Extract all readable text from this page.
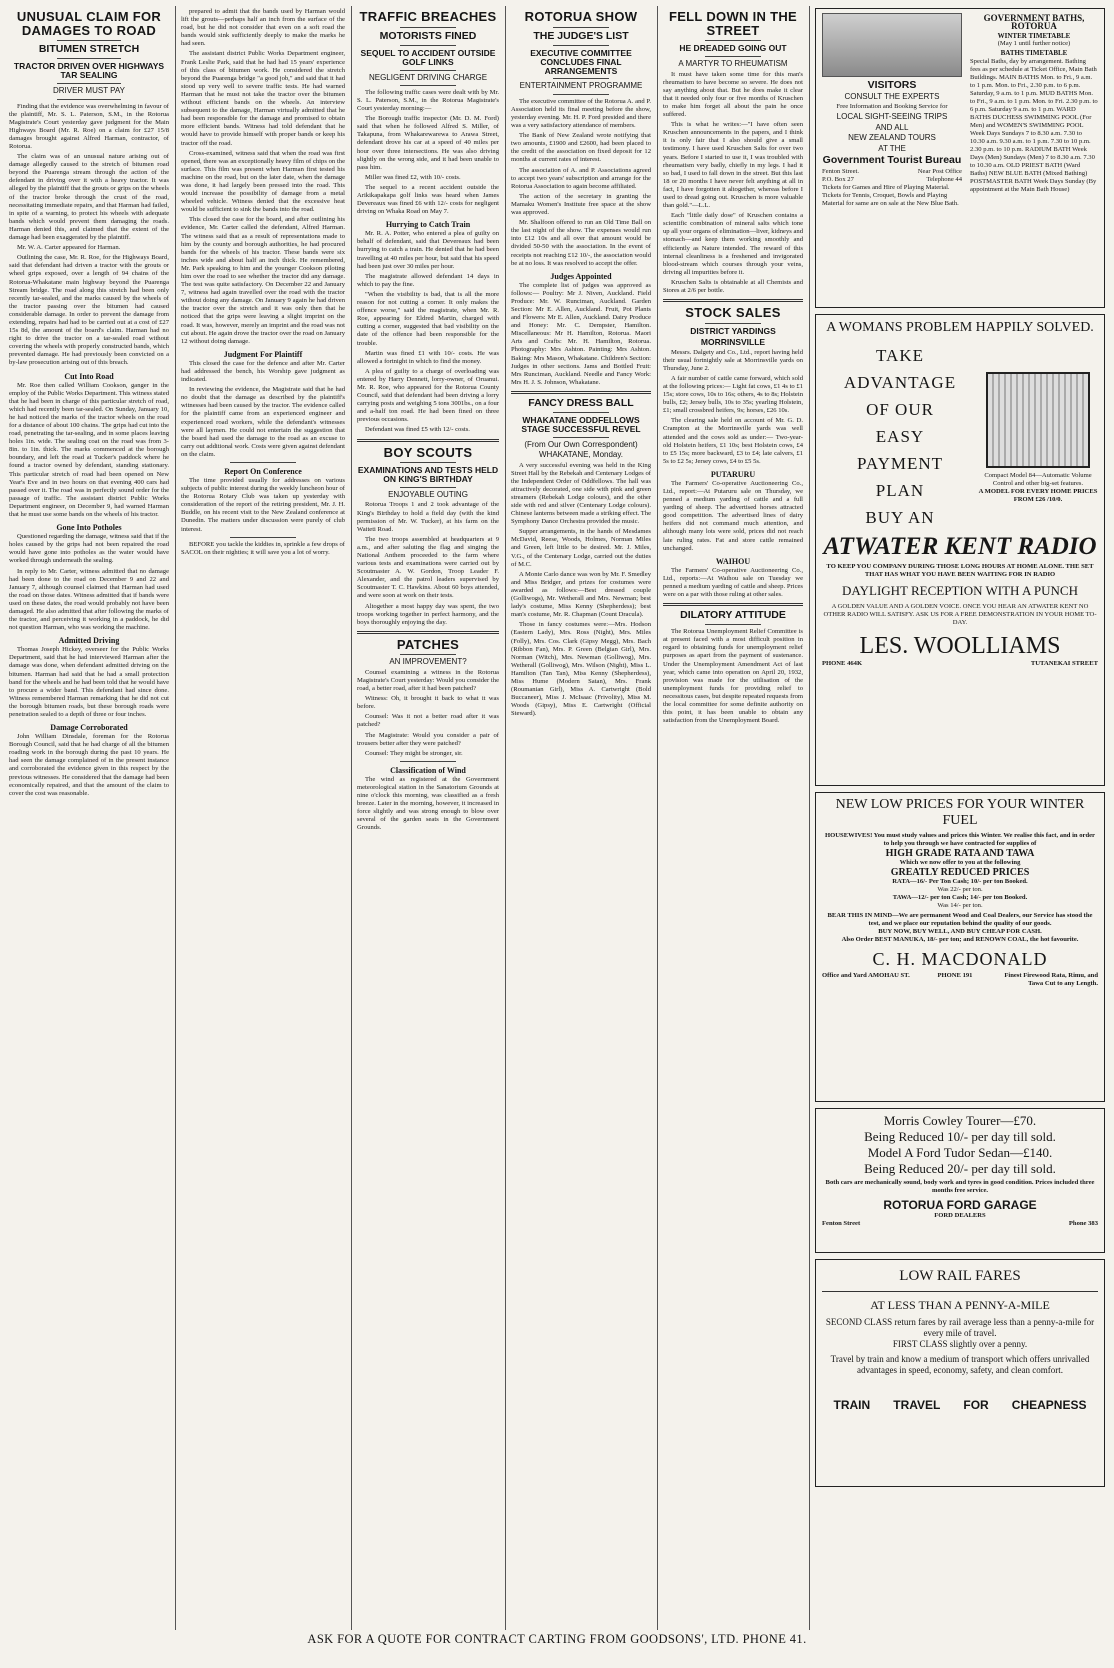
UNUSUAL CLAIM FOR DAMAGES TO ROAD
BITUMEN STRETCH
TRACTOR DRIVEN OVER HIGHWAYS TAR SEALING
DRIVER MUST PAY

Finding that the evidence was overwhelming in favour of the plaintiff, Mr. S. L. Paterson, S.M., in the Rotorua Magistrate's Court yesterday gave judgment for the Main Highways Board (Mr. R. Roe) on a claim for £27 15/8 damages brought against Alfred Harman, contractor, of Rotorua.

The claim was of an unusual nature arising out of damage allegedly caused to the stretch of bitumen road beyond the Puarenga stream through the action of the defendant in driving over it with a heavy tractor. It was alleged by the plaintiff that the grouts or grips on the wheels of the tractor broke through the crust of the road, necessitating immediate repairs, and that Harman had failed, in spite of a warning, to protect his wheels with adequate bands which would prevent them damaging the roads. Harman denied this, and claimed that the extent of the damage had been exaggerated by the plaintiff.

Mr. W. A. Carter appeared for Harman.

Outlining the case, Mr. R. Roe, for the Highways Board, said that defendant had driven a tractor with the grouts or wheel grips exposed, over a length of 94 chains of the Rotorua-Whakatane main highway beyond the Puarenga Stream bridge. The road along this stretch had been only recently tar-sealed, and the marks caused by the wheels of the tractor passing over the bitumen had caused considerable damage. In order to prevent the damage from extending, repairs had had to be carried out at a cost of £27 15s 8d, the amount of the board's claim. Harman had no right to drive the tractor on a tar-sealed road without covering the wheels with properly constructed bands, which prevented damage. He had previously been convicted on a by-law prosecution arising out of this breach.

Cut Into Road

Mr. Roe then called William Cookson, ganger in the employ of the Public Works Department. This witness stated that he had been in charge of this particular stretch of road, which had recently been tar-sealed. On Sunday, January 10, he had noticed the marks of the tractor wheels on the road for a distance of about 100 chains. The grips had cut into the road, penetrating the tar-sealing, and in some places leaving holes 1in. wide. The sealing coat on the road was from 3-8in. to 1in. thick. The marks commenced at the borough boundary, and left the road at Tucker's paddock where he found a tractor owned by defendant, standing stationary. This particular stretch of road had been opened on New Year's Eve and in two hours on that evening 400 cars had passed over it. The road was in perfectly sound order for the passage of traffic. The assistant district Public Works Department engineer, on December 9, had warned Harman that he must use some bands on the wheels of his tractor.

Gone Into Potholes

Questioned regarding the damage, witness said that if the holes caused by the grips had not been repaired the road would have gone into potholes as the water would have worked through underneath the sealing.

In reply to Mr. Carter, witness admitted that no damage had been done to the road on December 9 and 22 and January 7, although counsel claimed that Harman had used the road on those dates. Witness admitted that if bands were used on these dates, the road would probably not have been damaged. He also admitted that after following the marks of the tractor, and perceiving it working in a paddock, he did not question Harman, who was working the machine.

Admitted Driving

Thomas Joseph Hickey, overseer for the Public Works Department, said that he had interviewed Harman after the damage was done, when defendant admitted driving on the bitumen. Harman had said that he had a small protection band for the wheels and he had been told that he would have to procure a wider band. This defendant had since done. Witness remembered Harman remarking that he did not cut the borough bitumen roads, but these borough roads were penetration sealed to a depth of three or four inches.

Damage Corroborated

John William Dinsdale, foreman for the Rotorua Borough Council, said that he had charge of all the bitumen roading work in the borough during the past 10 years. He had seen the damage complained of in the present instance and corroborated the evidence given in this respect by the previous witnesses. He considered that the damage had been economically repaired, and that the amount of the claim to cover the cost was reasonable.

prepared to admit that the bands used by Harman would lift the grouts—perhaps half an inch from the surface of the road, but he did not consider that even on a soft road the bands would sink sufficiently deeply to make the marks he had seen.

The assistant district Public Works Department engineer, Frank Leslie Park, said that he had had 15 years' experience of this class of bitumen work. He considered the stretch beyond the Puarenga bridge "a good job," and said that it had stood up very well to severe traffic tests. He had warned Harman that he must not take the tractor over the bitumen without efficient bands on the wheels. An interview subsequent to the damage, Harman virtually admitted that he had been responsible for the damage and promised to obtain more efficient bands. Witness had told defendant that he would have to provide himself with proper bands or keep his tractor off the road.

Cross-examined, witness said that when the road was first opened, there was an exceptionally heavy film of chips on the surface. This film was present when Harman first tested his machine on the road, but on the later date, when the damage was done, it had largely been pressed into the road. This would increase the possibility of damage from a metal wheeled vehicle. Witness denied that the excessive heat would be sufficient to sink the bands into the road.

This closed the case for the board, and after outlining his evidence, Mr. Carter called the defendant, Alfred Harman. The witness said that as a result of representations made to him by the county and borough authorities, he had procured bands for the wheels of his tractor. These bands were six inches wide and about half an inch thick. He remembered, Mr. Park speaking to him and the younger Cookson piloting him over the road to see whether the tractor did any damage. The test was quite satisfactory. On December 22 and January 7, witness had again travelled over the road with the tractor without doing any damage. On January 9 again he had driven the tractor over the stretch and it was only then that he noticed that the grips were leaving a slight imprint on the road. It was, however, merely an imprint and the road was not cut about. He again drove the tractor over the road on January 12 without doing damage.

Judgment For Plaintiff

This closed the case for the defence and after Mr. Carter had addressed the bench, his Worship gave judgment as indicated.

In reviewing the evidence, the Magistrate said that he had no doubt that the damage as described by the plaintiff's witnesses had been caused by the tractor. The evidence called for the plaintiff came from an experienced engineer and experienced road workers, while the defendant's witnesses were all laymen. He could not entertain the suggestion that the board had used the damage to the road as an excuse to carry out additional work. Costs were given against defendant on the claim.

Report On Conference

The time provided usually for addresses on various subjects of public interest during the weekly luncheon hour of the Rotorua Rotary Club was taken up yesterday with consideration of the report of the retiring president, Mr. J. H. Buddle, on his recent visit to the New Zealand conference at Dunedin. The matters under discussion were purely of club interest.

BEFORE you tackle the kiddies in, sprinkle a few drops of SACOL on their nighties; it will save you a lot of worry.

TRAFFIC BREACHES
MOTORISTS FINED
SEQUEL TO ACCIDENT OUTSIDE GOLF LINKS
NEGLIGENT DRIVING CHARGE

The following traffic cases were dealt with by Mr. S. L. Paterson, S.M., in the Rotorua Magistrate's Court yesterday morning:—

The Borough traffic inspector (Mr. D. M. Ford) said that when he followed Alfred S. Miller, of Takapuna, from Whakarewarewa to Arawa Street, defendant drove his car at a speed of 40 miles per hour over three intersections. He was also driving slightly on the wrong side, and it had been unable to pass him.

Miller was fined £2, with 10/- costs.

The sequel to a recent accident outside the Arikikapakapa golf links was heard when James Devereaux was fined £6 with 12/- costs for negligent driving on Whaka Road on May 7.

Hurrying to Catch Train

Mr. R. A. Potter, who entered a plea of guilty on behalf of defendant, said that Devereaux had been hurrying to catch a train. He denied that he had been travelling at 40 miles per hour, but said that his speed had been just over 30 miles per hour.

The magistrate allowed defendant 14 days in which to pay the fine.

"When the visibility is bad, that is all the more reason for not cutting a corner. It only makes the offence worse," said the magistrate, when Mr. R. Roe, appearing for Eldred Martin, charged with cutting a corner, suggested that bad visibility on the date of the offence had been responsible for the trouble.

Martin was fined £1 with 10/- costs. He was allowed a fortnight in which to find the money.

A plea of guilty to a charge of overloading was entered by Harry Dennett, lorry-owner, of Oruanui. Mr. R. Roe, who appeared for the Rotorua County Council, said that defendant had been driving a lorry carrying posts and weighing 5 tons 3001bs., on a four and a-half ton road. He had been fined on three previous occasions.

Defendant was fined £5 with 12/- costs.

BOY SCOUTS
EXAMINATIONS AND TESTS HELD ON KING'S BIRTHDAY
ENJOYABLE OUTING

Rotorua Troops 1 and 2 took advantage of the King's Birthday to hold a field day (with the kind permission of Mr. W. Tucker), at his farm on the Waiteti Road.

The two troops assembled at headquarters at 9 a.m., and after saluting the flag and singing the National Anthem proceeded to the farm where various tests and examinations were carried out by Scoutmaster A. W. Gordon, Troop Leader F. Alexander, and the patrol leaders supervised by Scoutmaster T. C. Hawkins. About 60 boys attended, and were soon at work on their tests.

Altogether a most happy day was spent, the two troops working together in perfect harmony, and the boys thoroughly enjoying the day.

PATCHES
AN IMPROVEMENT?

Counsel examining a witness in the Rotorua Magistrate's Court yesterday: Would you consider the road, a better road, after it had been patched?

Witness: Oh, it brought it back to what it was before.

Counsel: Was it not a better road after it was patched?

The Magistrate: Would you consider a pair of trousers better after they were patched?

Counsel: They might be stronger, sir.

Classification of Wind

The wind as registered at the Government meteorological station in the Sanatorium Grounds at nine o'clock this morning, was classified as a fresh breeze. Later in the morning, however, it increased in force slightly and was strong enough to blow over several of the garden seats in the Government Grounds.

ROTORUA SHOW
THE JUDGE'S LIST
EXECUTIVE COMMITTEE CONCLUDES FINAL ARRANGEMENTS
ENTERTAINMENT PROGRAMME

The executive committee of the Rotorua A. and P. Association held its final meeting before the show, yesterday evening. Mr. H. P. Ford presided and there was a very satisfactory attendance of members.

The Bank of New Zealand wrote notifying that two amounts, £1900 and £2600, had been placed to the credit of the association on fixed deposit for 12 months at current rates of interest.

The association of A. and P. Associations agreed to accept two years' subscription and arrange for the Rotorua Association to again become affiliated.

The action of the secretary in granting the Mamaku Women's Institute free space at the show was approved.

Mr. Shalfoon offered to run an Old Time Ball on the last night of the show. The expenses would run into £12 10s and all over that amount would be divided 50-50 with the association. In the event of receipts not reaching £12 10/-, the association would be at no loss. It was resolved to accept the offer.

Judges Appointed

The complete list of judges was approved as follows:— Poultry: Mr J. Niven, Auckland. Field Produce: Mr. W. Runciman, Auckland. Garden Section: Mr E. Allen, Auckland. Fruit, Pot Plants and Flowers: Mr E. Allen, Auckland. Dairy Produce and Honey: Mr. C. Dempster, Hamilton. Miscellaneous: Mr H. Hamilton, Rotorua. Maori Arts and Crafts: Mr. H. Hamilton, Rotorua. Photography: Mrs Ashton. Painting: Mrs Ashton. Baking: Mrs Mason, Whakatane. Children's Section: Judges in other sections. Jams and Bottled Fruit: Mrs Runciman, Auckland. Needle and Fancy Work: Mrs H. J. S. Johnson, Whakatane.

FANCY DRESS BALL
WHAKATANE ODDFELLOWS STAGE SUCCESSFUL REVEL
(From Our Own Correspondent)
WHAKATANE, Monday.

A very successful evening was held in the King Street Hall by the Rebekah and Centenary Lodges of the Independent Order of Oddfellows. The hall was attractively decorated, one side with pink and green streamers (Rebekah Lodge colours), and the other side with red and silver (Centenary Lodge colours). Chinese lanterns between made a striking effect. The Symphony Dance Orchestra provided the music.

Supper arrangements, in the hands of Mesdames McDavid, Reese, Woods, Holmes, Norman Miles and Green, left little to be desired. Mr. J. Miles, V.G., of the Centenary Lodge, carried out the duties of M.C.

A Monte Carlo dance was won by Mr. F. Smedley and Miss Bridger, and prizes for costumes were awarded as follows:—Best dressed couple (Golliwogs), Mr. Wetherall and Mrs. Newman; best lady's costume, Miss Kenny (Shepherdess); best man's costume, Mr. R. Chapman (Count Dracula).

Those in fancy costumes were:—Mrs. Hodson (Eastern Lady), Mrs. Ross (Night), Mrs. Miles (Folly), Mrs. Cos. Clark (Gipsy Megg), Mrs. Bach (Ribbon Fan), Mrs. P. Green (Belgian Girl), Mrs. Norman (Witch), Mrs. Newman (Golliwog), Mrs. Wetherall (Golliwog), Mrs. Wilson (Night), Miss L. Hamilton (Tan Tan), Miss Kenny (Shepherdess), Miss Hume (Modern Satan), Mrs. Frank (Roumanian Girl), Miss A. Cartwright (Bold Buccaneer), Miss J. McIsaac (Frivolity), Miss M. Woods (Gipsy), Miss E. Cartwright (Official Steward).

FELL DOWN IN THE STREET
HE DREADED GOING OUT
A MARTYR TO RHEUMATISM

It must have taken some time for this man's rheumatism to have become so severe. He does not say anything about that. But he does make it clear that it needed only four or five months of Kruschen to make him forget all about the pain he once suffered.

This is what he writes:—"I have often seen Kruschen announcements in the papers, and I think it is only fair that I also should give a small testimony. I have used Kruschen Salts for over two years. Before I started to use it, I was troubled with rheumatism very badly, chiefly in my legs. I had it so bad, I used to fall down in the street. But this last 18 or 20 months I have never felt anything at all in fact, I have forgotten it altogether, whereas before I used to dread going out. Kruschen is more valuable than gold."—L.L.

Each "little daily dose" of Kruschen contains a scientific combination of mineral salts which tone up all your organs of elimination—liver, kidneys and stomach—and keep them working smoothly and efficiently as Nature intended. The reward of this internal cleanliness is a freshened and invigorated blood-stream which courses through your veins, driving all impurities before it.

Kruschen Salts is obtainable at all Chemists and Stores at 2/6 per bottle.

STOCK SALES
DISTRICT YARDINGS
MORRINSVILLE

Messrs. Dalgety and Co., Ltd., report having held their usual fortnightly sale at Morrinsville yards on Thursday, June 2.

A fair number of cattle came forward, which sold at the following prices:— Light fat cows, £1 4s to £1 15s; store cows, 10s to 16s; others, 4s to 8s; Holstein bulls, £2; Jersey bulls, 10s to 35s; yearling Holstein, £1; small crossbred heifers, 9s; horses, £26 10s.

The clearing sale held on account of Mr. G. D. Crampton at the Morrinsville yards was well attended and the cows sold as under:— Two-year-old Holstein heifers, £1 10s; best Holstein cows, £4 to £5 15s; more backward, £3 to £4; late calvers, £1 5s to £2 5s; Jersey cows, £4 to £5 5s.

PUTARURU

The Farmers' Co-operative Auctioneering Co., Ltd., report:—At Putaruru sale on Thursday, we penned a medium yarding of cattle and a full yarding of sheep. The advertised horses attracted good competition. The advertised lines of dairy heifers did not command much attention, and although many lots were sold, prices did not reach late ruling rates. Fat and store cattle remained unchanged.

WAIHOU

The Farmers' Co-operative Auctioneering Co., Ltd., reports:—At Waihou sale on Tuesday we penned a medium yarding of cattle and sheep. Prices were on a par with those ruling at other sales.

DILATORY ATTITUDE

The Rotorua Unemployment Relief Committee is at present faced with a most difficult position in regard to obtaining funds for unemployment relief purposes as apart from the payment of sustenance. Under the Unemployment Amendment Act of last year, which came into operation on April 20, 1932, provision was made for the utilisation of the unemployment funds for providing relief to necessitous cases, but despite repeated requests from the local committee for some definite authority on this point, it has been unable to obtain any satisfaction from the Unemployment Board.

VISITORS
CONSULT THE EXPERTS
Free Information and Booking Service for
LOCAL SIGHT-SEEING TRIPS
AND ALL
NEW ZEALAND TOURS
AT THE
Government Tourist Bureau
Fenton Street.	Near Post Office
P.O. Box 27	Telephone 44
Tickets for Games and Hire of Playing Material. Tickets for Tennis, Croquet, Bowls and Playing Material for same are on sale at the New Blue Bath.
GOVERNMENT BATHS, ROTORUA
WINTER TIMETABLE
(May 1 until further notice)
BATHS TIMETABLE
Special Baths, day by arrangement. Bathing fees as per schedule at Ticket Office, Main Bath Buildings. MAIN BATHS Mon. to Fri., 9 a.m. to 1 p.m. Mon. to Fri., 2.30 p.m. to 6 p.m. Saturday, 9 a.m. to 1 p.m. MUD BATHS Mon. to Fri., 9 a.m. to 1 p.m. Mon. to Fri. 2.30 p.m. to 6 p.m. Saturday 9 a.m. to 1 p.m. WARD BATHS DUCHESS SWIMMING POOL (For Men) and WOMEN'S SWIMMING POOL Week Days Sundays 7 to 8.30 a.m. 7.30 to 10.30 a.m. 9.30 a.m. to 1 p.m. 7.30 to 10 p.m. 2.30 p.m. to 10 p.m. RADIUM BATH Week Days (Men) Sundays (Men) 7 to 8.30 a.m. 7.30 to 10.30 a.m. OLD PRIEST BATH (Ward Baths) NEW BLUE BATH (Mixed Bathing) POSTMASTER BATH Week Days Sunday (By appointment at the Main Bath House)
A WOMANS PROBLEM HAPPILY SOLVED.
TAKE
ADVANTAGE
OF OUR
EASY
PAYMENT
PLAN
BUY AN
Compact Model 84—Automatic Volume Control and other big-set features.
A MODEL FOR EVERY HOME PRICES FROM £26 /10/0.
ATWATER KENT RADIO
TO KEEP YOU COMPANY DURING THOSE LONG HOURS AT HOME ALONE. THE SET THAT HAS WHAT YOU HAVE BEEN WAITING FOR IN RADIO
DAYLIGHT RECEPTION WITH A PUNCH
A GOLDEN VALUE AND A GOLDEN VOICE. ONCE YOU HEAR AN ATWATER KENT NO OTHER RADIO WILL SATISFY. ASK US FOR A FREE DEMONSTRATION IN YOUR HOME TO-DAY.
LES. WOOLLIAMS
PHONE 464K	TUTANEKAI STREET
NEW LOW PRICES FOR YOUR WINTER FUEL
HOUSEWIVES! You must study values and prices this Winter. We realise this fact, and in order to help you through we have contracted for supplies of
HIGH GRADE RATA AND TAWA
Which we now offer to you at the following
GREATLY REDUCED PRICES
RATA—16/- Per Ton Cash; 10/- per ton Booked.
Was 22/- per ton.
TAWA—12/- per ton Cash; 14/- per ton Booked.
Was 14/- per ton.
BEAR THIS IN MIND—We are permanent Wood and Coal Dealers, our Service has stood the test, and we place our reputation behind the quality of our goods.
BUY NOW, BUY WELL, AND BUY CHEAP FOR CASH.
Also Order BEST MANUKA, 18/- per ton; and RENOWN COAL, the hot favourite.
C. H. MACDONALD
Office and Yard AMOHAU ST.	PHONE 191	Finest Firewood Rata, Rimu, and Tawa Cut to any Length.
Morris Cowley Tourer—£70.
Being Reduced 10/- per day till sold.
Model A Ford Tudor Sedan—£140.
Being Reduced 20/- per day till sold.
Both cars are mechanically sound, body work and tyres in good condition. Prices included three months free service.
ROTORUA FORD GARAGE
FORD DEALERS
Fenton Street	Phone 383
LOW RAIL FARES
AT LESS THAN A PENNY-A-MILE
SECOND CLASS return fares by rail average less than a penny-a-mile for every mile of travel.
FIRST CLASS slightly over a penny.
Travel by train and know a medium of transport which offers unrivalled advantages in speed, economy, safety, and clean comfort.
TRAIN TRAVEL FOR CHEAPNESS
ASK FOR A QUOTE FOR CONTRACT CARTING FROM GOODSONS', LTD. PHONE 41.
